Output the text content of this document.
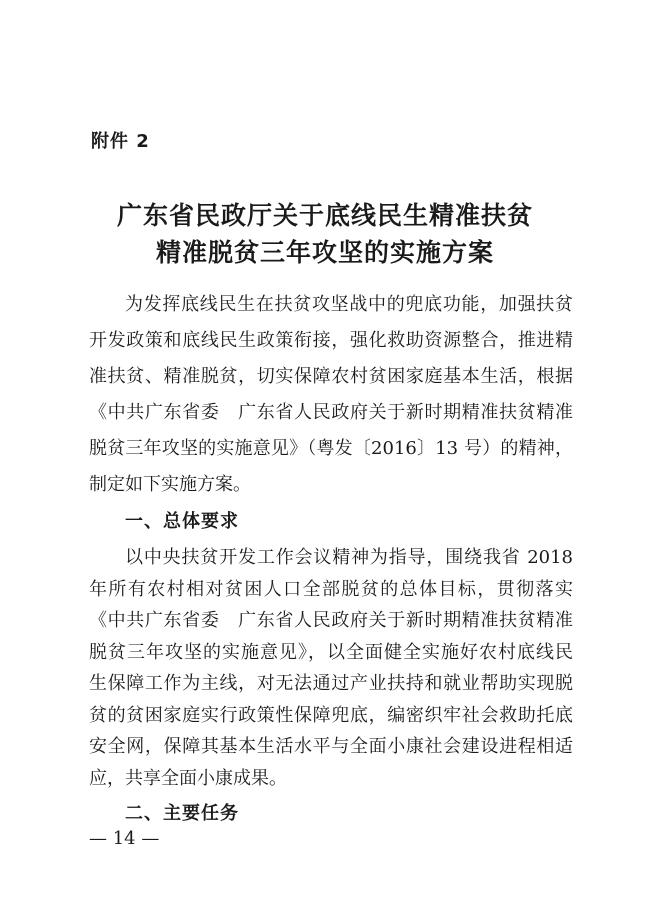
附件 2
广东省民政厅关于底线民生精准扶贫
精准脱贫三年攻坚的实施方案
为发挥底线民生在扶贫攻坚战中的兜底功能，加强扶贫
开发政策和底线民生政策衔接，强化救助资源整合，推进精
准扶贫、精准脱贫，切实保障农村贫困家庭基本生活，根据
《中共广东省委　广东省人民政府关于新时期精准扶贫精准
脱贫三年攻坚的实施意见》（粤发〔2016〕13 号）的精神，
制定如下实施方案。
一、总体要求
以中央扶贫开发工作会议精神为指导，围绕我省 2018
年所有农村相对贫困人口全部脱贫的总体目标，贯彻落实
《中共广东省委　广东省人民政府关于新时期精准扶贫精准
脱贫三年攻坚的实施意见》，以全面健全实施好农村底线民
生保障工作为主线，对无法通过产业扶持和就业帮助实现脱
贫的贫困家庭实行政策性保障兜底，编密织牢社会救助托底
安全网，保障其基本生活水平与全面小康社会建设进程相适
应，共享全面小康成果。
二、主要任务
— 14 —
